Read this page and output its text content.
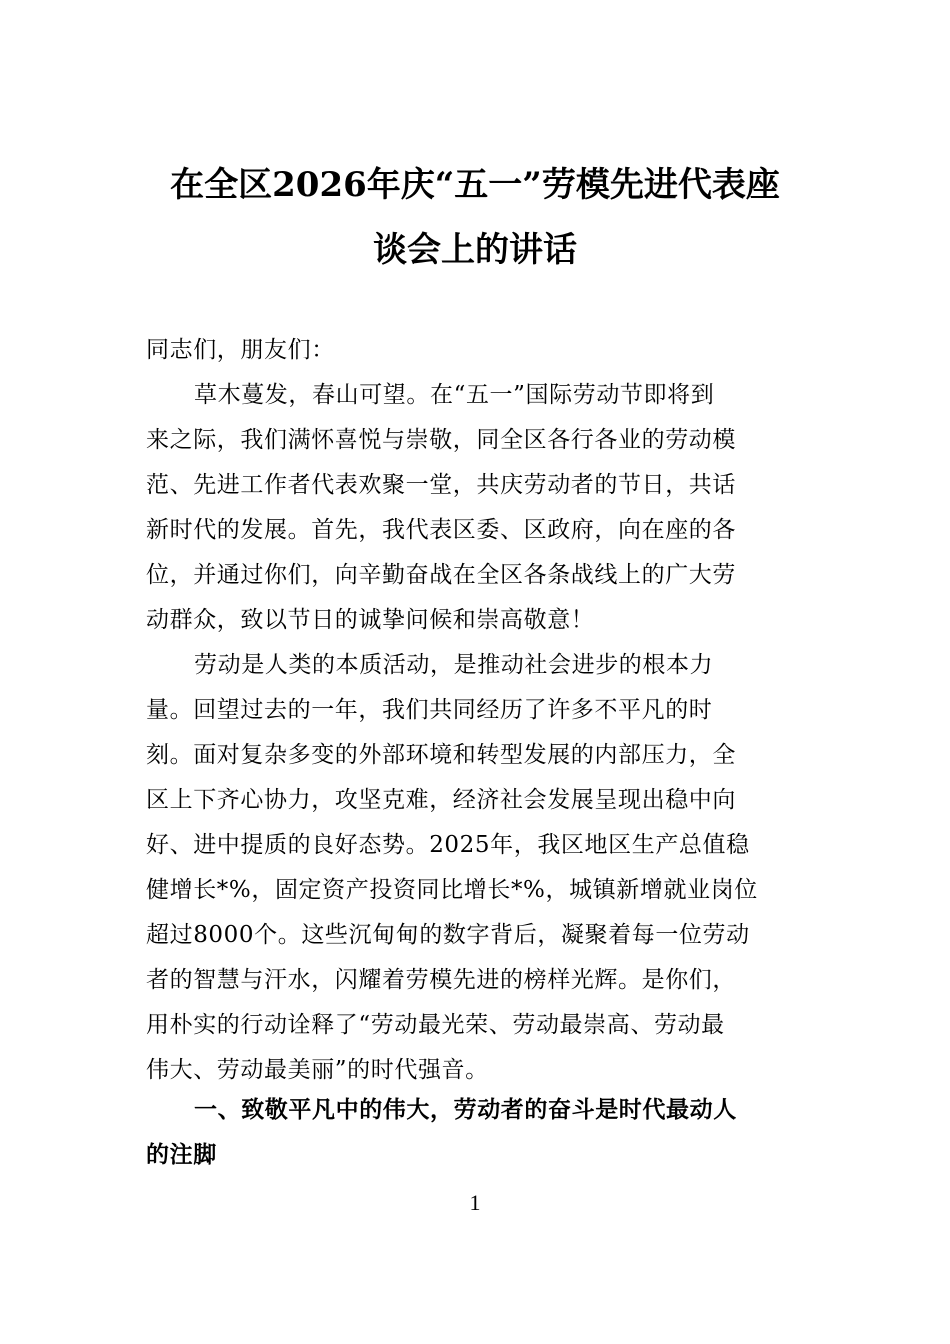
在全区2026年庆“五一”劳模先进代表座
谈会上的讲话
同志们，朋友们：
草木蔓发，春山可望。在“五一”国际劳动节即将到
来之际，我们满怀喜悦与崇敬，同全区各行各业的劳动模
范、先进工作者代表欢聚一堂，共庆劳动者的节日，共话
新时代的发展。首先，我代表区委、区政府，向在座的各
位，并通过你们，向辛勤奋战在全区各条战线上的广大劳
动群众，致以节日的诚挚问候和崇高敬意！
劳动是人类的本质活动，是推动社会进步的根本力
量。回望过去的一年，我们共同经历了许多不平凡的时
刻。面对复杂多变的外部环境和转型发展的内部压力，全
区上下齐心协力，攻坚克难，经济社会发展呈现出稳中向
好、进中提质的良好态势。2025年，我区地区生产总值稳
健增长*%，固定资产投资同比增长*%，城镇新增就业岗位
超过8000个。这些沉甸甸的数字背后，凝聚着每一位劳动
者的智慧与汗水，闪耀着劳模先进的榜样光辉。是你们，
用朴实的行动诠释了“劳动最光荣、劳动最崇高、劳动最
伟大、劳动最美丽”的时代强音。
一、致敬平凡中的伟大，劳动者的奋斗是时代最动人
的注脚
1
